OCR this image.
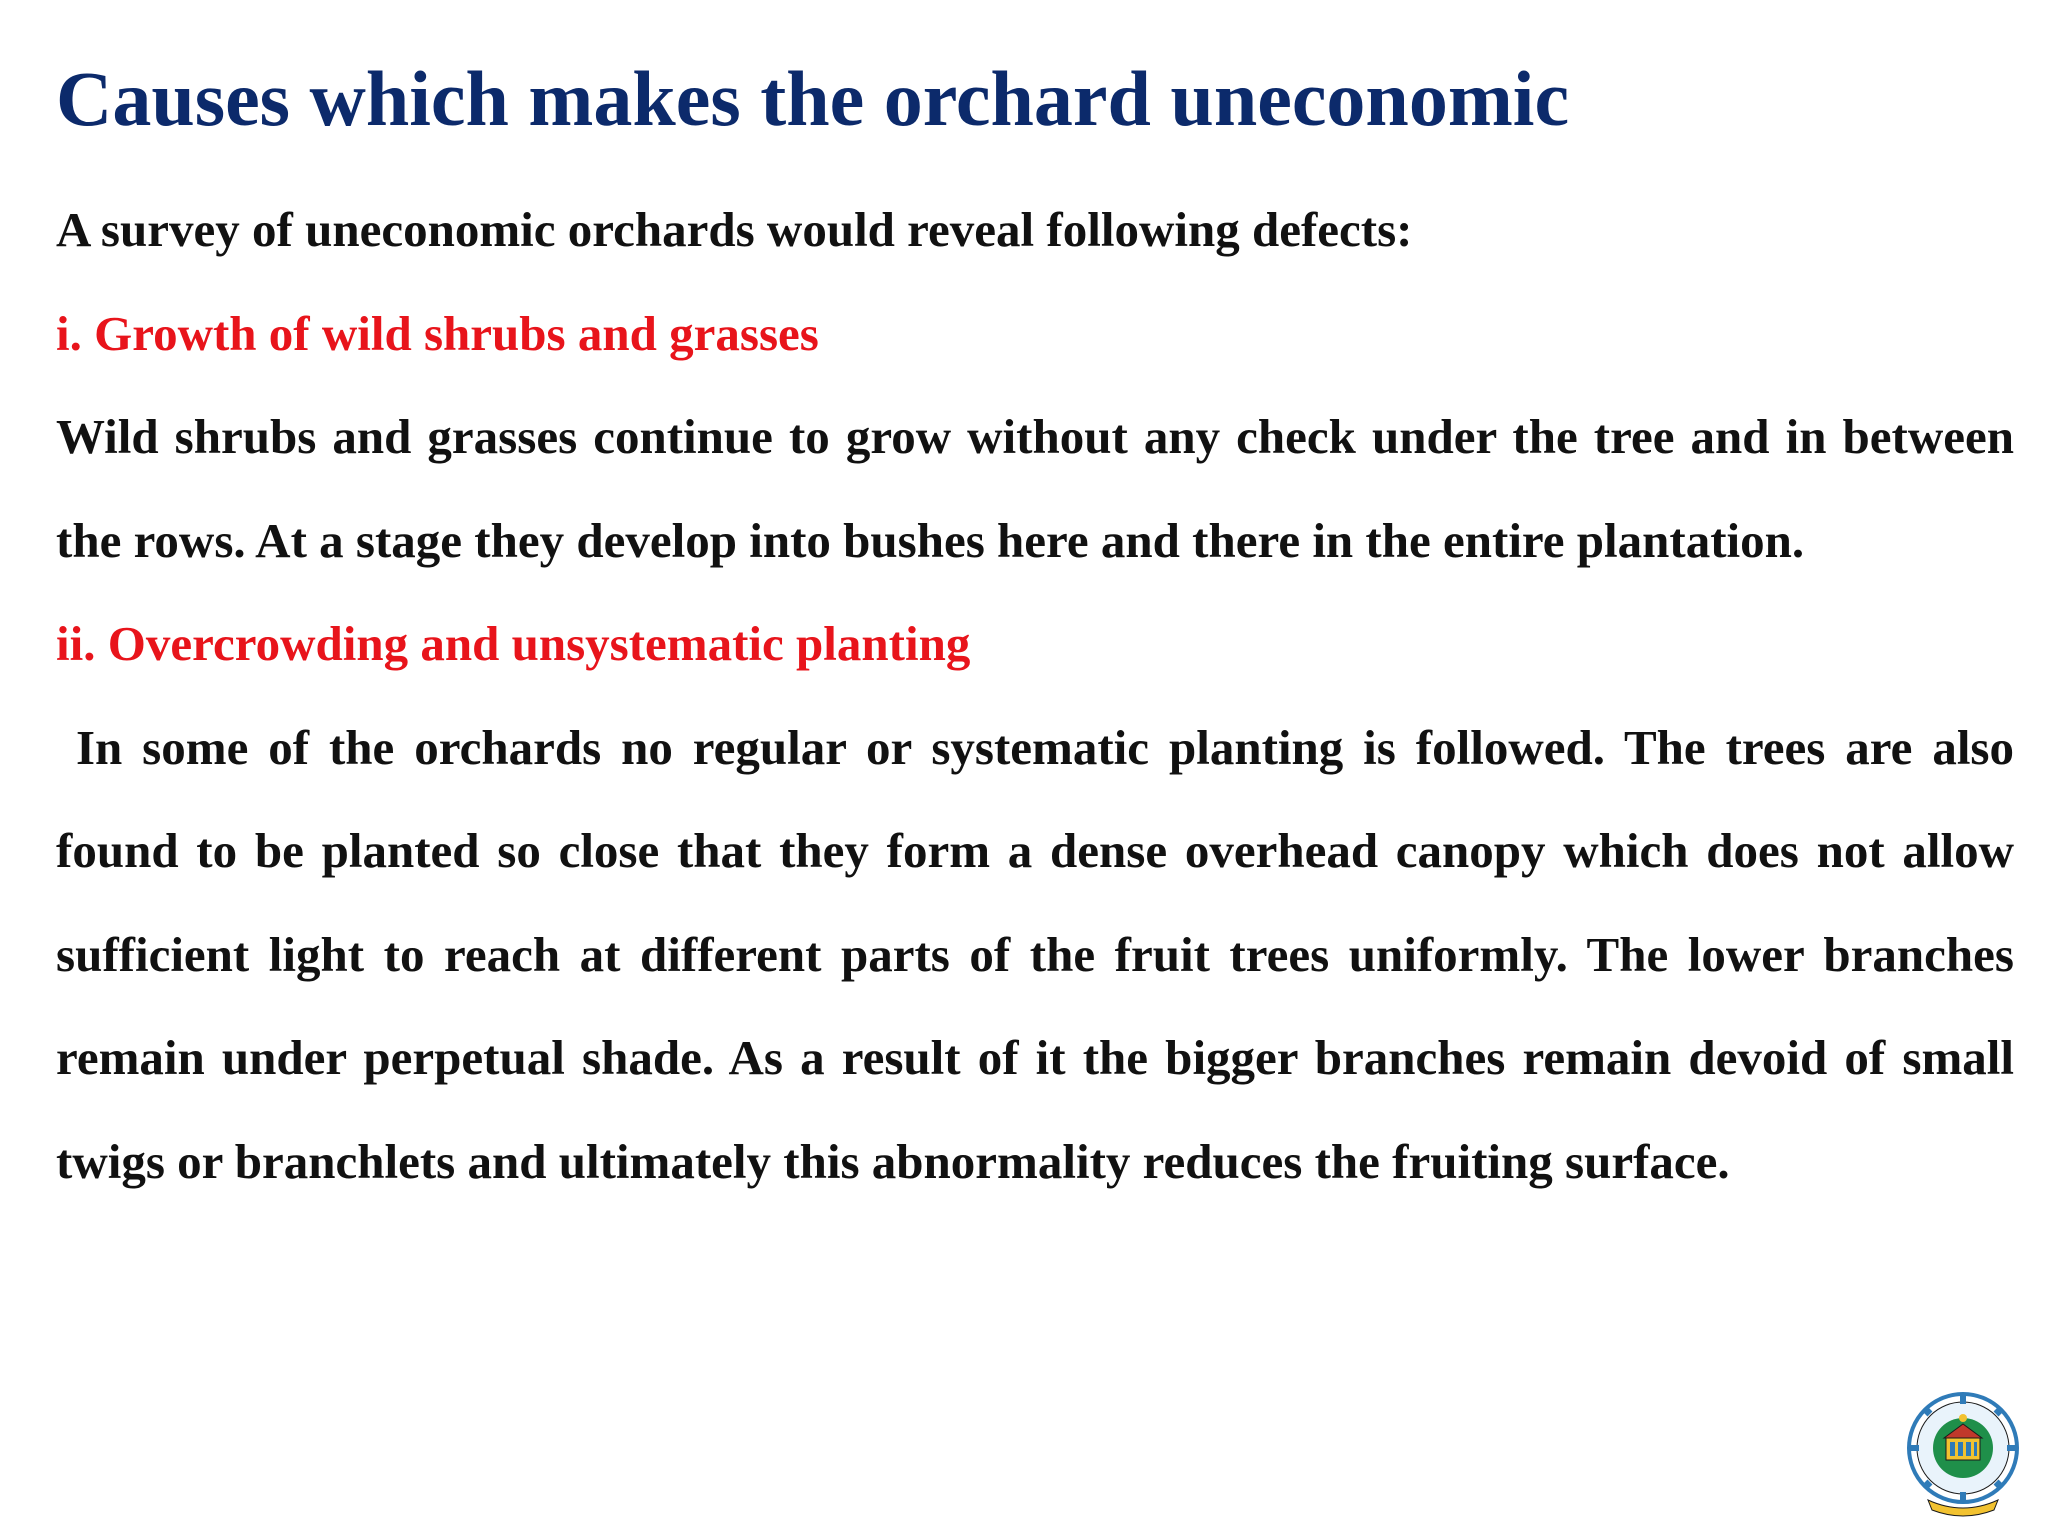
Causes which makes the orchard uneconomic

A survey of uneconomic orchards would reveal following defects:

i. Growth of wild shrubs and grasses

Wild shrubs and grasses continue to grow without any check under the tree and in between the rows. At a stage they develop into bushes here and there in the entire plantation.

ii. Overcrowding and unsystematic planting

In some of the orchards no regular or systematic planting is followed. The trees are also found to be planted so close that they form a dense overhead canopy which does not allow sufficient light to reach at different parts of the fruit trees uniformly. The lower branches remain under perpetual shade. As a result of it the bigger branches remain devoid of small twigs or branchlets and ultimately this abnormality reduces the fruiting surface.
